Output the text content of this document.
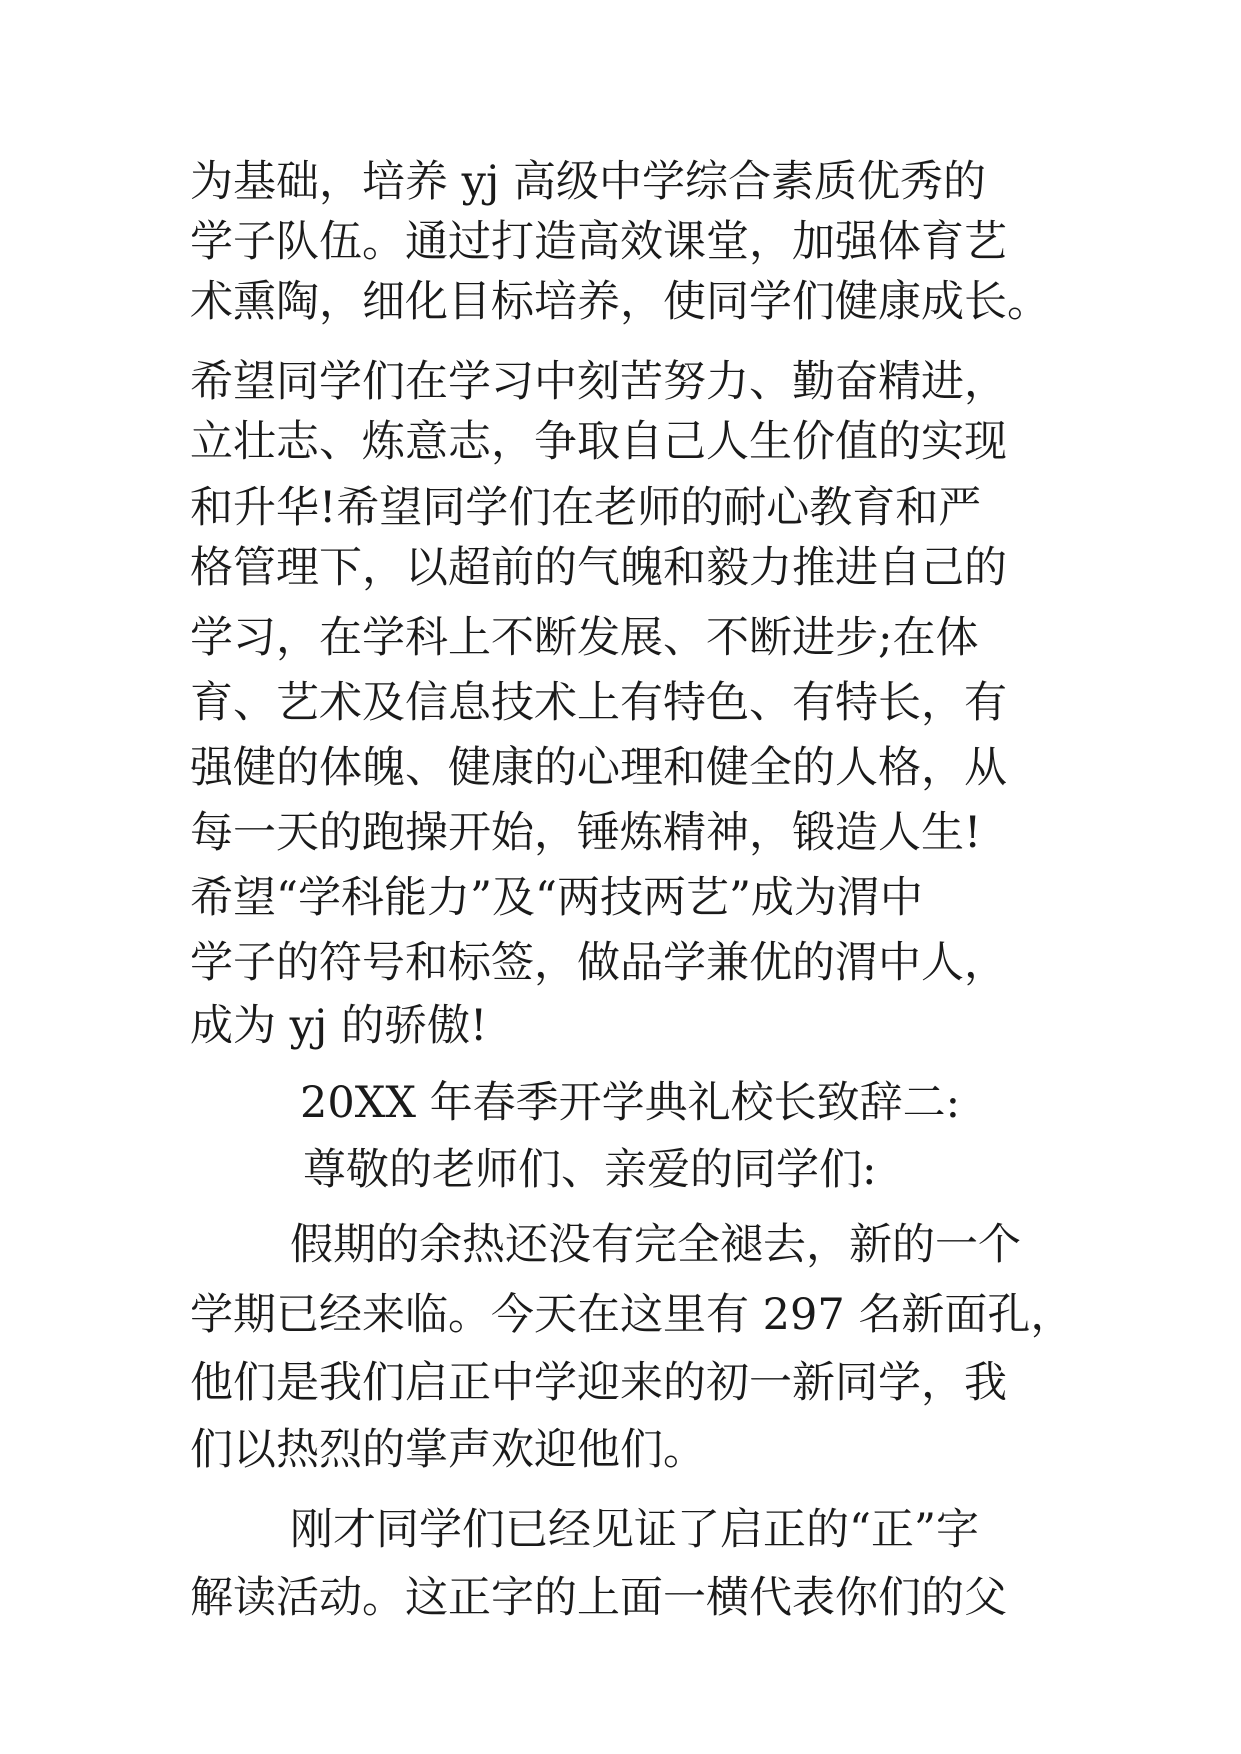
为基础，培养 yj 高级中学综合素质优秀的
学子队伍。通过打造高效课堂，加强体育艺
术熏陶，细化目标培养，使同学们健康成长。
希望同学们在学习中刻苦努力、勤奋精进，
立壮志、炼意志，争取自己人生价值的实现
和升华!希望同学们在老师的耐心教育和严
格管理下，以超前的气魄和毅力推进自己的
学习，在学科上不断发展、不断进步;在体
育、艺术及信息技术上有特色、有特长，有
强健的体魄、健康的心理和健全的人格，从
每一天的跑操开始，锤炼精神，锻造人生!
希望“学科能力”及“两技两艺”成为渭中
学子的符号和标签，做品学兼优的渭中人，
成为 yj 的骄傲!
20XX 年春季开学典礼校长致辞二:
尊敬的老师们、亲爱的同学们:
假期的余热还没有完全褪去，新的一个
学期已经来临。今天在这里有 297 名新面孔，
他们是我们启正中学迎来的初一新同学，我
们以热烈的掌声欢迎他们。
刚才同学们已经见证了启正的“正”字
解读活动。这正字的上面一横代表你们的父
